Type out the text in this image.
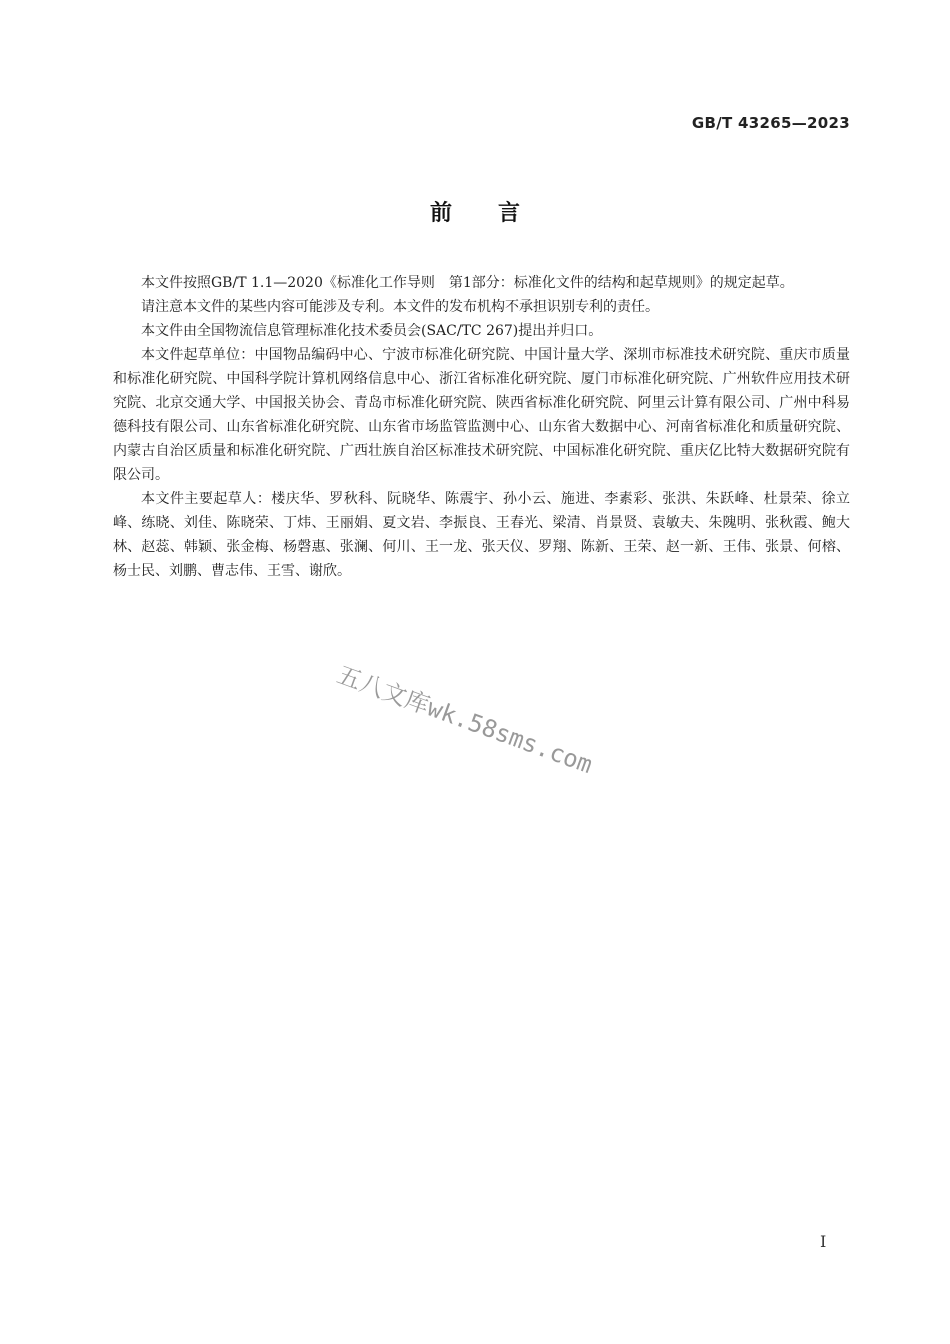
GB/T 43265—2023
前言

本文件按照GB/T 1.1—2020《标准化工作导则　第1部分：标准化文件的结构和起草规则》的规定起草。

请注意本文件的某些内容可能涉及专利。本文件的发布机构不承担识别专利的责任。

本文件由全国物流信息管理标准化技术委员会(SAC/TC 267)提出并归口。

本文件起草单位：中国物品编码中心、宁波市标准化研究院、中国计量大学、深圳市标准技术研究院、重庆市质量和标准化研究院、中国科学院计算机网络信息中心、浙江省标准化研究院、厦门市标准化研究院、广州软件应用技术研究院、北京交通大学、中国报关协会、青岛市标准化研究院、陕西省标准化研究院、阿里云计算有限公司、广州中科易德科技有限公司、山东省标准化研究院、山东省市场监管监测中心、山东省大数据中心、河南省标准化和质量研究院、内蒙古自治区质量和标准化研究院、广西壮族自治区标准技术研究院、中国标准化研究院、重庆亿比特大数据研究院有限公司。

本文件主要起草人：楼庆华、罗秋科、阮晓华、陈震宇、孙小云、施进、李素彩、张洪、朱跃峰、杜景荣、徐立峰、练晓、刘佳、陈晓荣、丁炜、王丽娟、夏文岩、李振良、王春光、梁清、肖景贤、袁敏夫、朱隗明、张秋霞、鲍大林、赵蕊、韩颖、张金梅、杨磬惠、张澜、何川、王一龙、张天仪、罗翔、陈新、王荣、赵一新、王伟、张景、何榕、杨士民、刘鹏、曹志伟、王雪、谢欣。

五八文库wk.58sms.com
I
